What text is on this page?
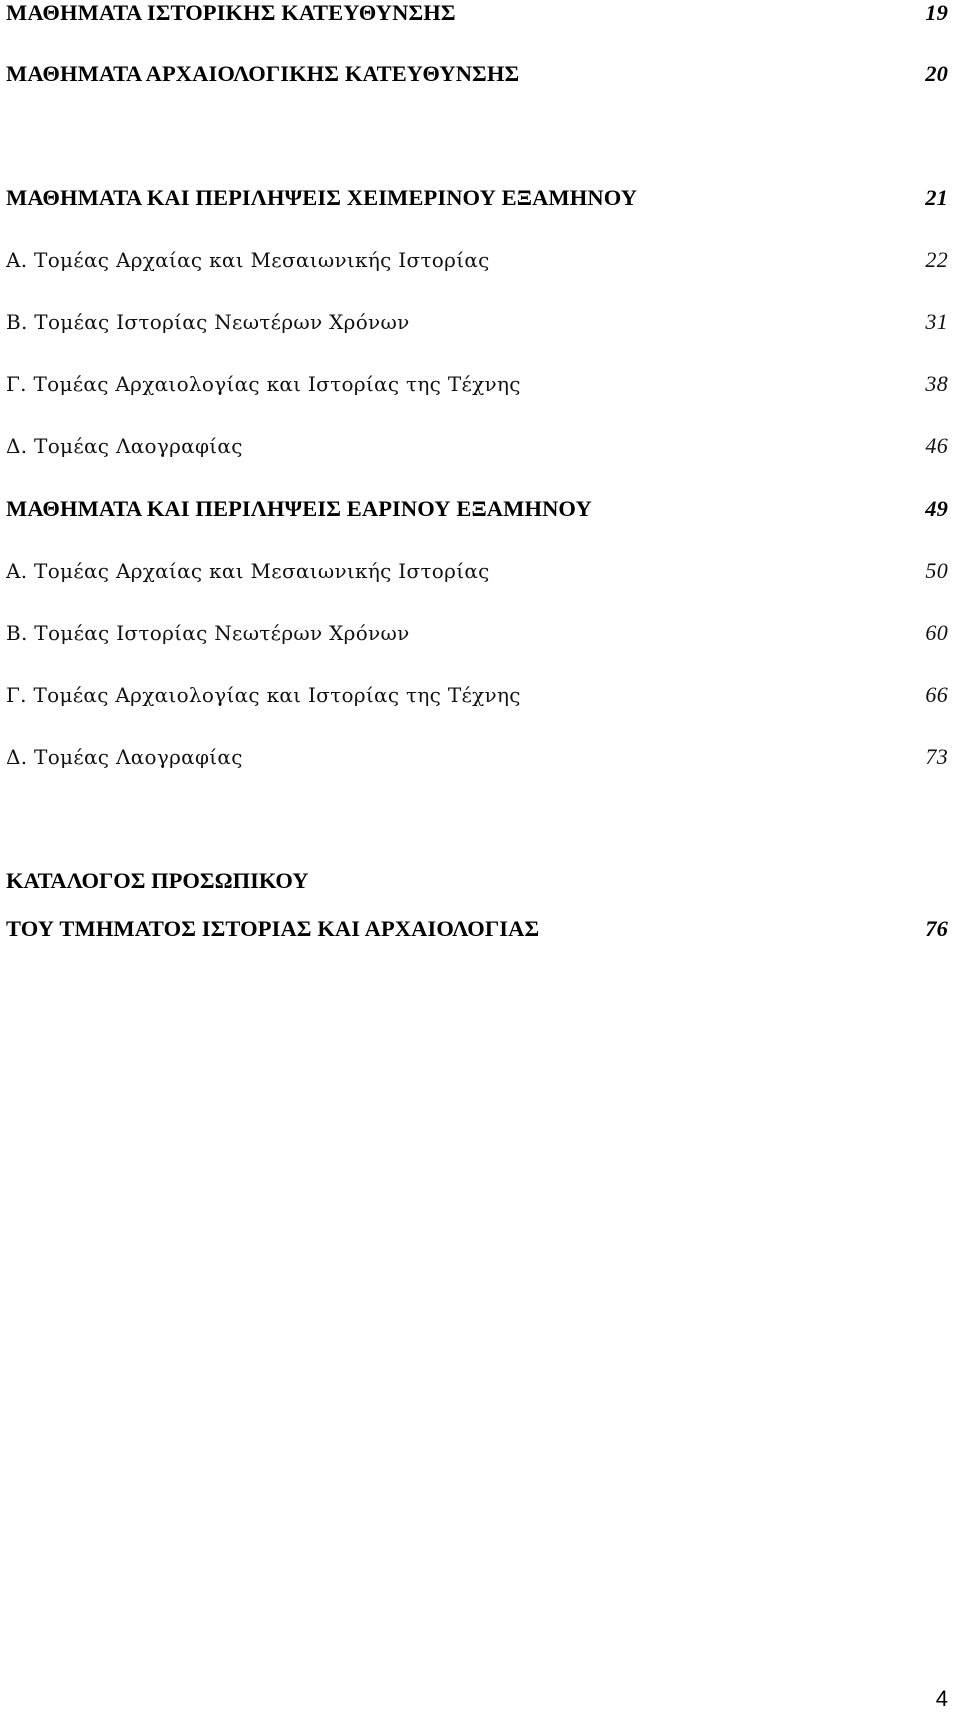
ΜΑΘΗΜΑΤΑ ΙΣΤΟΡΙΚΗΣ ΚΑΤΕΥΘΥΝΣΗΣ	19
ΜΑΘΗΜΑΤΑ ΑΡΧΑΙΟΛΟΓΙΚΗΣ ΚΑΤΕΥΘΥΝΣΗΣ	20
ΜΑΘΗΜΑΤΑ ΚΑΙ ΠΕΡΙΛΗΨΕΙΣ ΧΕΙΜΕΡΙΝΟΥ ΕΞΑΜΗΝΟΥ	21
Α. Τομέας Αρχαίας και Μεσαιωνικής Ιστορίας	22
Β. Τομέας Ιστορίας Νεωτέρων Χρόνων	31
Γ. Τομέας Αρχαιολογίας και Ιστορίας της Τέχνης	38
Δ. Τομέας Λαογραφίας	46
ΜΑΘΗΜΑΤΑ ΚΑΙ ΠΕΡΙΛΗΨΕΙΣ ΕΑΡΙΝΟΥ ΕΞΑΜΗΝΟΥ	49
Α. Τομέας Αρχαίας και Μεσαιωνικής Ιστορίας	50
Β. Τομέας Ιστορίας Νεωτέρων Χρόνων	60
Γ. Τομέας Αρχαιολογίας και Ιστορίας της Τέχνης	66
Δ. Τομέας Λαογραφίας	73
ΚΑΤΑΛΟΓΟΣ ΠΡΟΣΩΠΙΚΟΥ
ΤΟΥ ΤΜΗΜΑΤΟΣ ΙΣΤΟΡΙΑΣ ΚΑΙ ΑΡΧΑΙΟΛΟΓΙΑΣ	76
4
